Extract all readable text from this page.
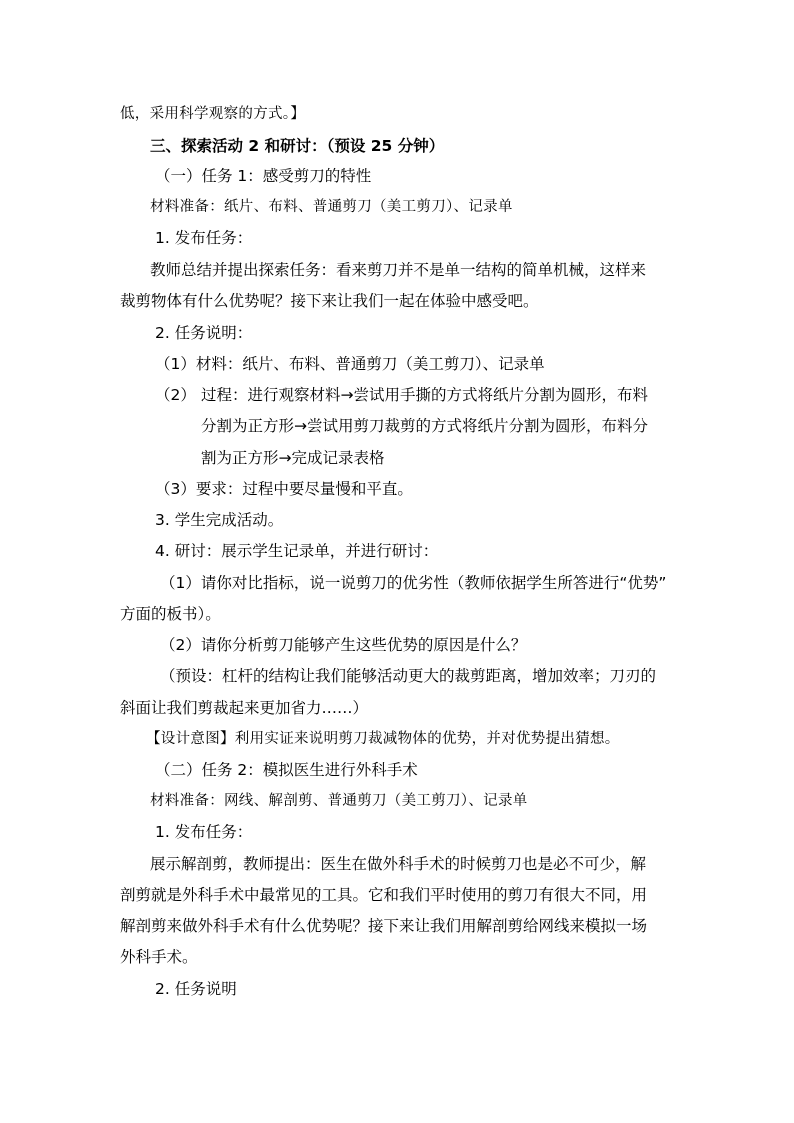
低，采用科学观察的方式。】
三、探索活动 2 和研讨：（预设 25 分钟）
（一）任务 1：感受剪刀的特性
材料准备：纸片、布料、普通剪刀（美工剪刀）、记录单
1. 发布任务：
教师总结并提出探索任务：看来剪刀并不是单一结构的简单机械，这样来
裁剪物体有什么优势呢？接下来让我们一起在体验中感受吧。
2. 任务说明：
（1）材料：纸片、布料、普通剪刀（美工剪刀）、记录单
（2） 过程：进行观察材料→尝试用手撕的方式将纸片分割为圆形，布料
分割为正方形→尝试用剪刀裁剪的方式将纸片分割为圆形，布料分
割为正方形→完成记录表格
（3）要求：过程中要尽量慢和平直。
3. 学生完成活动。
4. 研讨：展示学生记录单，并进行研讨：
（1）请你对比指标，说一说剪刀的优劣性（教师依据学生所答进行“优势”
方面的板书）。
（2）请你分析剪刀能够产生这些优势的原因是什么？
（预设：杠杆的结构让我们能够活动更大的裁剪距离，增加效率；刀刃的
斜面让我们剪裁起来更加省力……）
【设计意图】利用实证来说明剪刀裁减物体的优势，并对优势提出猜想。
（二）任务 2：模拟医生进行外科手术
材料准备：网线、解剖剪、普通剪刀（美工剪刀）、记录单
1. 发布任务：
展示解剖剪，教师提出：医生在做外科手术的时候剪刀也是必不可少，解
剖剪就是外科手术中最常见的工具。它和我们平时使用的剪刀有很大不同，用
解剖剪来做外科手术有什么优势呢？接下来让我们用解剖剪给网线来模拟一场
外科手术。
2. 任务说明
